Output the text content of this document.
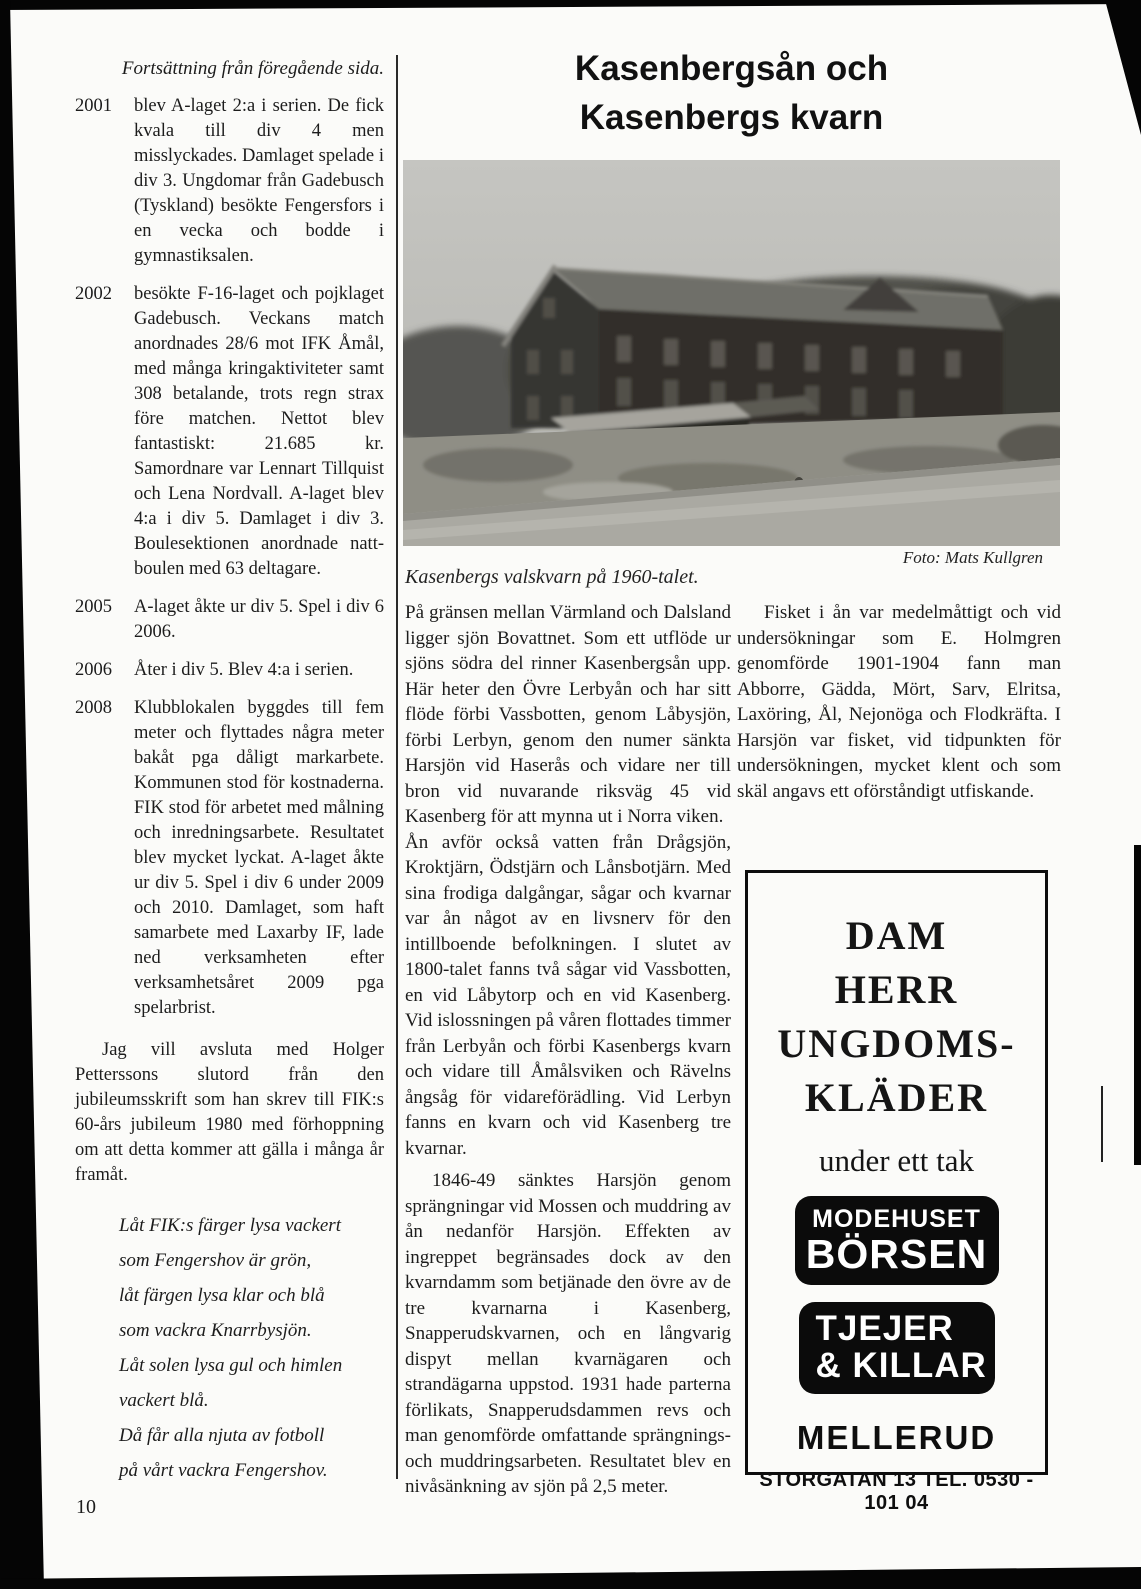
Fortsättning från föregående sida.
2001	blev A-laget 2:a i serien. De fick kvala till div 4 men misslyckades. Damlaget spelade i div 3. Ungdomar från Gadebusch (Tyskland) besökte Fengersfors i en vecka och bodde i gymnastiksalen.
2002	besökte F-16-laget och pojklaget Gadebusch. Veckans match anordnades 28/6 mot IFK Åmål, med många kringaktiviteter samt 308 betalande, trots regn strax före matchen. Nettot blev fantastiskt: 21.685 kr. Samordnare var Lennart Tillquist och Lena Nordvall. A-laget blev 4:a i div 5. Damlaget i div 3. Boulesektionen anordnade natt-boulen med 63 deltagare.
2005	A-laget åkte ur div 5. Spel i div 6 2006.
2006	Åter i div 5. Blev 4:a i serien.
2008	Klubblokalen byggdes till fem meter och flyttades några meter bakåt pga dåligt markarbete. Kommunen stod för kostnaderna. FIK stod för arbetet med målning och inredningsarbete. Resultatet blev mycket lyckat. A-laget åkte ur div 5. Spel i div 6 under 2009 och 2010. Damlaget, som haft samarbete med Laxarby IF, lade ned verksamheten efter verksamhetsåret 2009 pga spelarbrist.
Jag vill avsluta med Holger Petterssons slutord från den jubileumsskrift som han skrev till FIK:s 60-års jubileum 1980 med förhoppning om att detta kommer att gälla i många år framåt.
Låt FIK:s färger lysa vackert
som Fengershov är grön,
låt färgen lysa klar och blå
som vackra Knarrbysjön.
Låt solen lysa gul och himlen
vackert blå.
Då får alla njuta av fotboll
på vårt vackra Fengershov.
10
Kasenbergsån och
Kasenbergs kvarn
Foto: Mats Kullgren
Kasenbergs valskvarn på 1960-talet.

På gränsen mellan Värmland och Dalsland ligger sjön Bovattnet. Som ett utflöde ur sjöns södra del rinner Kasenbergsån upp. Här heter den Övre Lerbyån och har sitt flöde förbi Vassbotten, genom Låbysjön, förbi Lerbyn, genom den numer sänkta Harsjön vid Haserås och vidare ner till bron vid nuvarande riksväg 45 vid Kasenberg för att mynna ut i Norra viken.

Ån avför också vatten från Drågsjön, Kroktjärn, Ödstjärn och Lånsbotjärn. Med sina frodiga dalgångar, sågar och kvarnar var ån något av en livsnerv för den intillboende befolkningen. I slutet av 1800-talet fanns två sågar vid Vassbotten, en vid Låbytorp och en vid Kasenberg. Vid islossningen på våren flottades timmer från Lerbyån och förbi Kasenbergs kvarn och vidare till Åmålsviken och Rävelns ångsåg för vidareförädling. Vid Lerbyn fanns en kvarn och vid Kasenberg tre kvarnar.

1846-49 sänktes Harsjön genom sprängningar vid Mossen och muddring av ån nedanför Harsjön. Effekten av ingreppet begränsades dock av den kvarndamm som betjänade den övre av de tre kvarnarna i Kasenberg, Snapperudskvarnen, och en långvarig dispyt mellan kvarnägaren och strandägarna uppstod. 1931 hade parterna förlikats, Snapperudsdammen revs och man genomförde omfattande sprängnings- och muddringsarbeten. Resultatet blev en nivåsänkning av sjön på 2,5 meter.

Fisket i ån var medelmåttigt och vid undersökningar som E. Holmgren genomförde 1901-1904 fann man Abborre, Gädda, Mört, Sarv, Elritsa, Laxöring, Ål, Nejonöga och Flodkräfta. I Harsjön var fisket, vid tidpunkten för undersökningen, mycket klent och som skäl angavs ett oförståndigt utfiskande.

DAM
HERR
UNGDOMS-
KLÄDER
under ett tak
MODEHUSET
BÖRSEN
TJEJER
& KILLAR
MELLERUD
STORGATAN 13 TEL. 0530 - 101 04
